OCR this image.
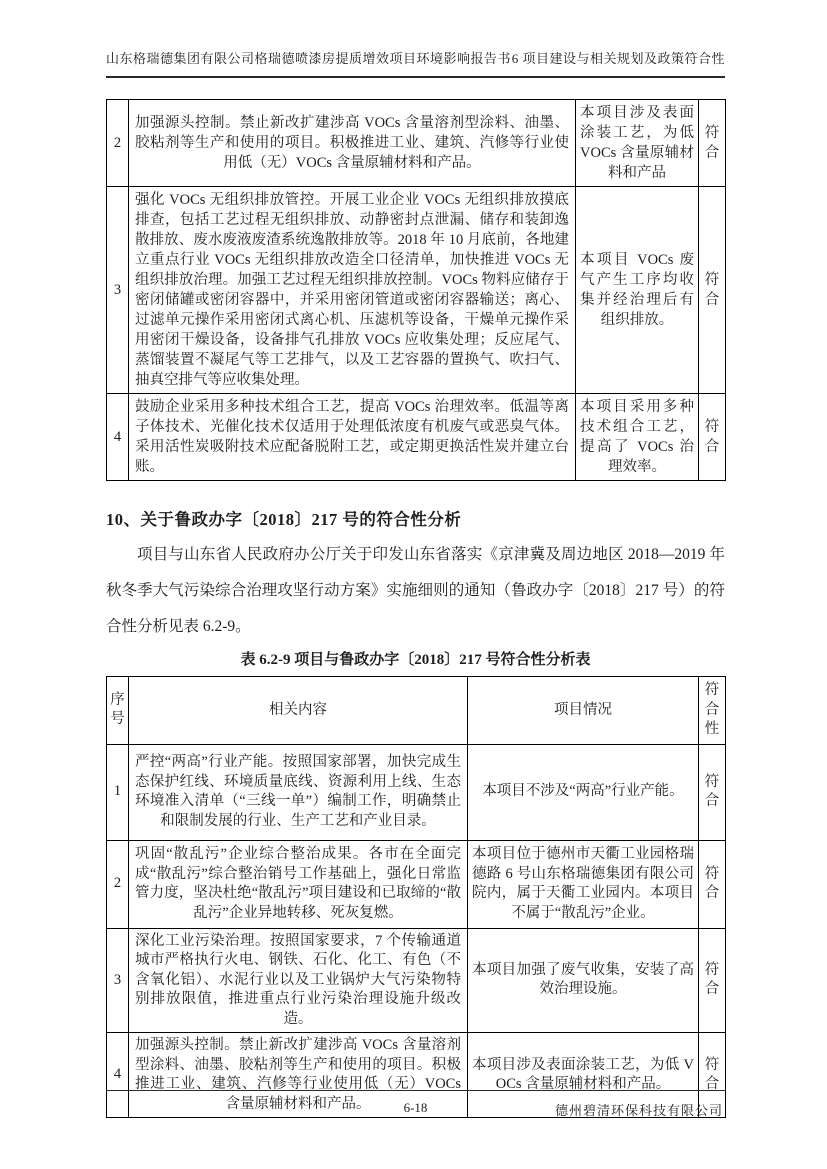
山东格瑞德集团有限公司格瑞德喷漆房提质增效项目环境影响报告书 6 项目建设与相关规划及政策符合性
2	加强源头控制。禁止新改扩建涉高 VOCs 含量溶剂型涂料、油墨、胶粘剂等生产和使用的项目。积极推进工业、建筑、汽修等行业使用低（无）VOCs 含量原辅材料和产品。	本项目涉及表面涂装工艺，为低 VOCs 含量原辅材料和产品	符合
3	强化 VOCs 无组织排放管控。开展工业企业 VOCs 无组织排放摸底排查，包括工艺过程无组织排放、动静密封点泄漏、储存和装卸逸散排放、废水废液废渣系统逸散排放等。2018 年 10 月底前，各地建立重点行业 VOCs 无组织排放改造全口径清单，加快推进 VOCs 无组织排放治理。加强工艺过程无组织排放控制。VOCs 物料应储存于密闭储罐或密闭容器中，并采用密闭管道或密闭容器输送；离心、过滤单元操作采用密闭式离心机、压滤机等设备，干燥单元操作采用密闭干燥设备，设备排气孔排放 VOCs 应收集处理；反应尾气、蒸馏装置不凝尾气等工艺排气，以及工艺容器的置换气、吹扫气、抽真空排气等应收集处理。	本项目 VOCs 废气产生工序均收集并经治理后有组织排放。	符合
4	鼓励企业采用多种技术组合工艺，提高 VOCs 治理效率。低温等离子体技术、光催化技术仅适用于处理低浓度有机废气或恶臭气体。采用活性炭吸附技术应配备脱附工艺，或定期更换活性炭并建立台账。	本项目采用多种技术组合工艺，提高了 VOCs 治理效率。	符合
10、关于鲁政办字〔2018〕217 号的符合性分析

项目与山东省人民政府办公厅关于印发山东省落实《京津冀及周边地区 2018—2019 年秋冬季大气污染综合治理攻坚行动方案》实施细则的通知（鲁政办字〔2018〕217 号）的符合性分析见表 6.2-9。

表 6.2-9 项目与鲁政办字〔2018〕217 号符合性分析表
序号	相关内容	项目情况	符合性
1	严控“两高”行业产能。按照国家部署，加快完成生态保护红线、环境质量底线、资源利用上线、生态环境准入清单（“三线一单”）编制工作，明确禁止和限制发展的行业、生产工艺和产业目录。	本项目不涉及“两高”行业产能。	符合
2	巩固“散乱污”企业综合整治成果。各市在全面完成“散乱污”综合整治销号工作基础上，强化日常监管力度，坚决杜绝“散乱污”项目建设和已取缔的“散乱污”企业异地转移、死灰复燃。	本项目位于德州市天衢工业园格瑞德路 6 号山东格瑞德集团有限公司院内，属于天衢工业园内。本项目不属于“散乱污”企业。	符合
3	深化工业污染治理。按照国家要求，7 个传输通道城市严格执行火电、钢铁、石化、化工、有色（不含氧化铝）、水泥行业以及工业锅炉大气污染物特别排放限值，推进重点行业污染治理设施升级改造。	本项目加强了废气收集，安装了高效治理设施。	符合
4	加强源头控制。禁止新改扩建涉高 VOCs 含量溶剂型涂料、油墨、胶粘剂等生产和使用的项目。积极推进工业、建筑、汽修等行业使用低（无）VOCs 含量原辅材料和产品。	本项目涉及表面涂装工艺，为低 VOCs 含量原辅材料和产品。	符合
6-18	德州碧清环保科技有限公司
